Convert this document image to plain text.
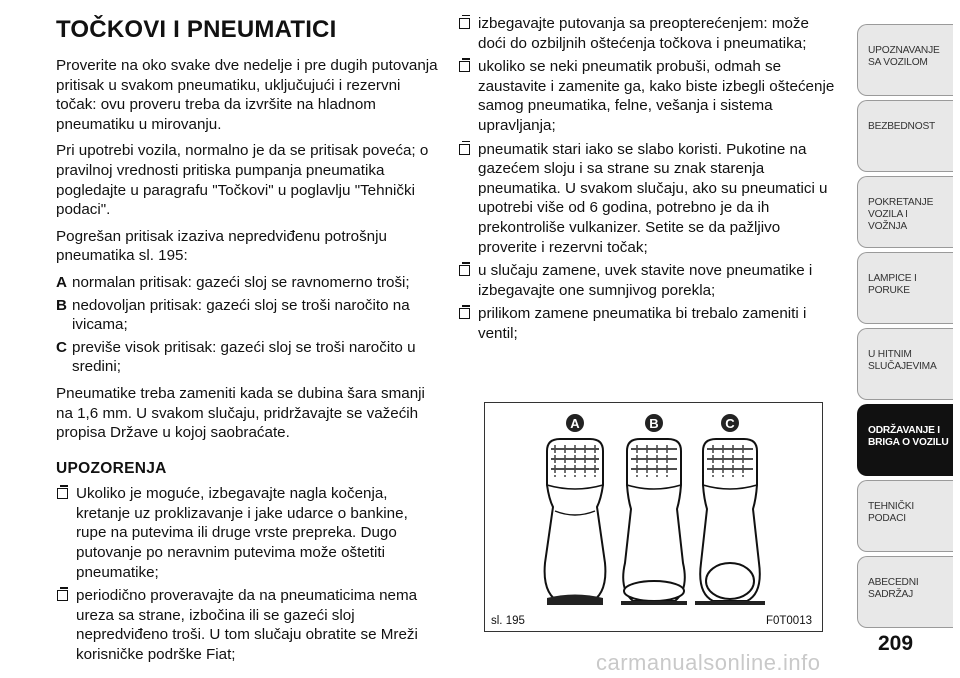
TOČKOVI I PNEUMATICI

Proverite na oko svake dve nedelje i pre dugih putovanja pritisak u svakom pneumatiku, uključujući i rezervni točak: ovu proveru treba da izvršite na hladnom pneumatiku u mirovanju.

Pri upotrebi vozila, normalno je da se pritisak poveća; o pravilnoj vrednosti pritiska pumpanja pneumatika pogledajte u paragrafu "Točkovi" u poglavlju "Tehnički podaci".

Pogrešan pritisak izaziva nepredviđenu potrošnju pneumatika sl. 195:

A normalan pritisak: gazeći sloj se ravnomerno troši;
B nedovoljan pritisak: gazeći sloj se troši naročito na ivicama;
C previše visok pritisak: gazeći sloj se troši naročito u sredini;

Pneumatike treba zameniti kada se dubina šara smanji na 1,6 mm. U svakom slučaju, pridržavajte se važećih propisa Države u kojoj saobraćate.

UPOZORENJA
Ukoliko je moguće, izbegavajte nagla kočenja, kretanje uz proklizavanje i jake udarce o bankine, rupe na putevima ili druge vrste prepreka. Dugo putovanje po neravnim putevima može oštetiti pneumatike;
periodično proveravajte da na pneumaticima nema ureza sa strane, izbočina ili se gazeći sloj nepredviđeno troši. U tom slučaju obratite se Mreži korisničke podrške Fiat;
izbegavajte putovanja sa preopterećenjem: može doći do ozbiljnih oštećenja točkova i pneumatika;
ukoliko se neki pneumatik probuši, odmah se zaustavite i zamenite ga, kako biste izbegli oštećenje samog pneumatika, felne, vešanja i sistema upravljanja;
pneumatik stari iako se slabo koristi. Pukotine na gazećem sloju i sa strane su znak starenja pneumatika. U svakom slučaju, ako su pneumatici u upotrebi više od 6 godina, potrebno je da ih prekontroliše vulkanizer. Setite se da pažljivo proverite i rezervni točak;
u slučaju zamene, uvek stavite nove pneumatike i izbegavajte one sumnjivog porekla;
prilikom zamene pneumatika bi trebalo zameniti i ventil;
A	B	C
sl. 195	F0T0013
UPOZNAVANJE SA VOZILOM
BEZBEDNOST
POKRETANJE VOZILA I VOŽNJA
LAMPICE I PORUKE
U HITNIM SLUČAJEVIMA
ODRŽAVANJE I BRIGA O VOZILU
TEHNIČKI PODACI
ABECEDNI SADRŽAJ
209
carmanualsonline.info
